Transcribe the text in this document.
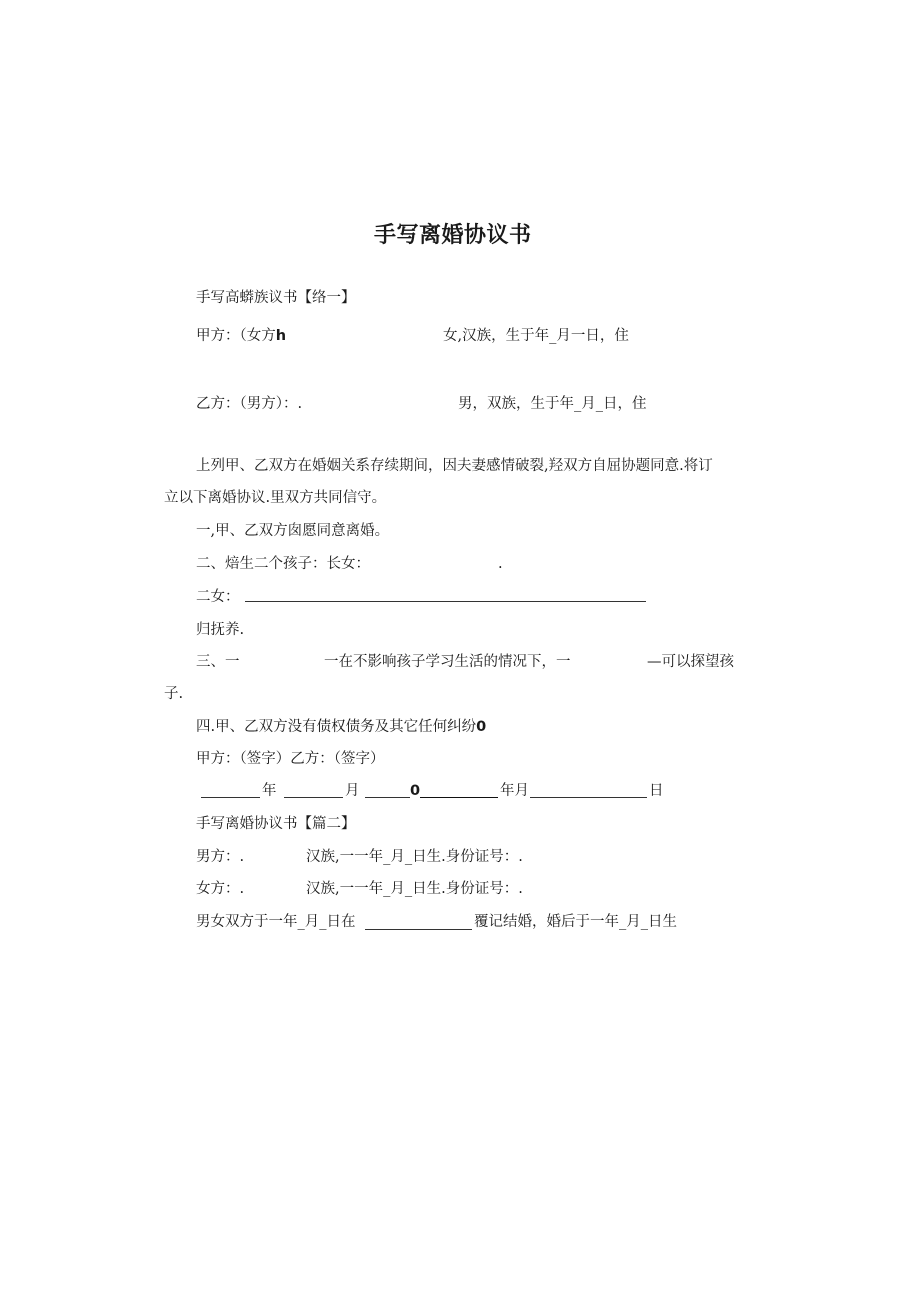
手写离婚协议书
手写高蟒族议书【络一】
甲方：（女方h	女,汉族，生于年_月一日，住
乙方：（男方）：.	男，双族，生于年_月_日，住
上列甲、乙双方在婚姻关系存续期间，因夫妻感情破裂,羟双方自屈协题同意.将订
立以下离婚协议.里双方共同信守。
一,甲、乙双方囱愿同意离婚。
二、焙生二个孩子：长女：	.
二女：
归抚养.
三、一	一在不影响孩子学习生活的情况下，一	—可以探望孩
子.
四.甲、乙双方没有债权债务及其它任何纠纷0
甲方：（签字）乙方：（签字）
年	月	0	年月	日
手写离婚协议书【篇二】
男方：.	汉族,一一年_月_日生.身份证号：.
女方：.	汉族,一一年_月_日生.身份证号：.
男女双方于一年_月_日在	覆记结婚，婚后于一年_月_日生
